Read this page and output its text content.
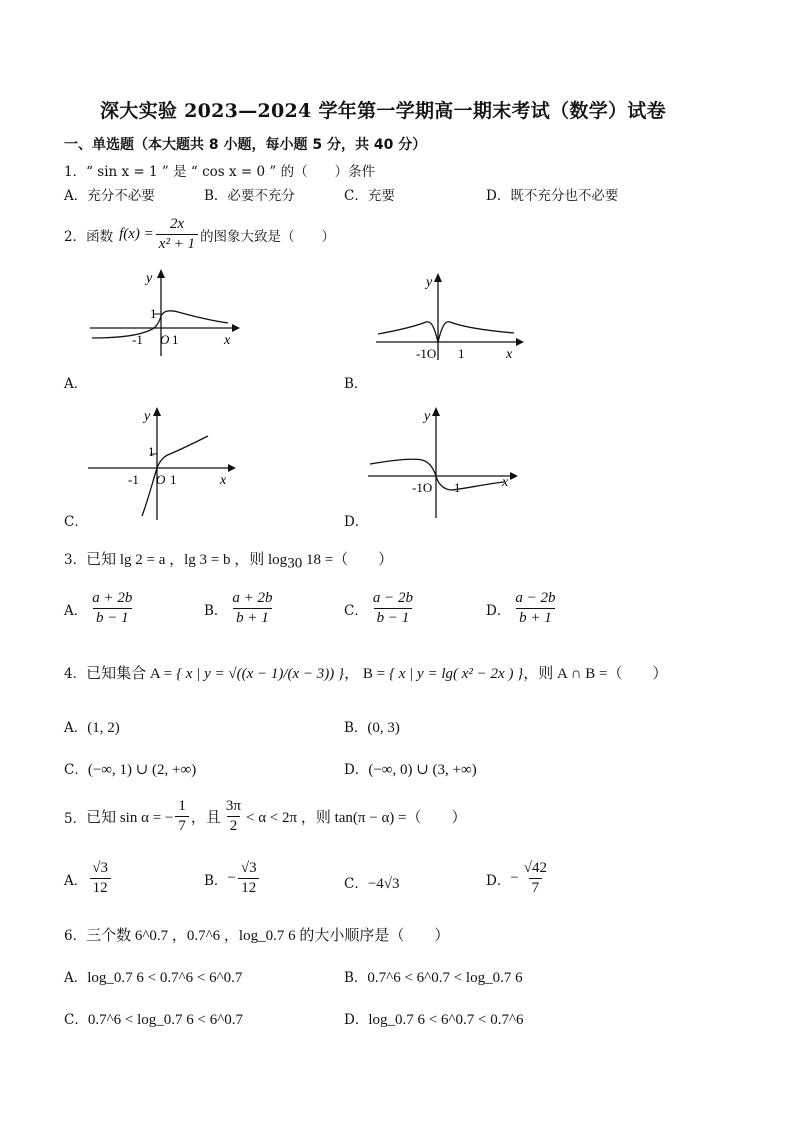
深大实验 2023—2024 学年第一学期高一期末考试（数学）试卷
一、单选题（本大题共 8 小题，每小题 5 分，共 40 分）
1．“ sin x = 1 ” 是 “ cos x = 0 ” 的（　　）条件
A．充分不必要	B．必要不充分	C．充要	D．既不充分也不必要
2． 函数 $f(x) = \frac{2x}{\text{x² + 1}}$ 的图象大致是（　　）
x
y
1
-1 O 1
A．
x
y
-1O 1
B．
x
y
1
-1 O 1
C．
x
y
-1O 1
D．
3．已知 lg 2 = a ，lg 3 = b ，则 $\log_{30} 18$ =（　　）
A． $\frac{a + 2b}{b - 1}$	B． $\frac{a + 2b}{b + 1}$	C． $\frac{a - 2b}{b - 1}$	D． $\frac{a - 2b}{b + 1}$
4．已知集合 A = { x | y = √((x − 1)/(x − 3)) }， B = { x | y = lg( x² − 2x ) }，则 A ∩ B =（　　）
A．(1, 2)	B．(0, 3)
C．(−∞, 1) ∪ (2, +∞)	D．(−∞, 0) ∪ (3, +∞)
5． 已知 sin α = − $\frac{1}{7}$ ，且 $\frac{3\pi}{2} < \alpha < 2\pi$ ，则 tan(π − α) =（　　）
A． $\frac{√3}{12}$	B． − $\frac{√3}{12}$	C．−4√3	D． − $\frac{√42}{7}$
6．三个数 6^0.7 ，0.7^6 ，log_0.7 6 的大小顺序是（　　）
A．log_0.7 6 < 0.7^6 < 6^0.7	B．0.7^6 < 6^0.7 < log_0.7 6
C．0.7^6 < log_0.7 6 < 6^0.7	D．log_0.7 6 < 6^0.7 < 0.7^6
